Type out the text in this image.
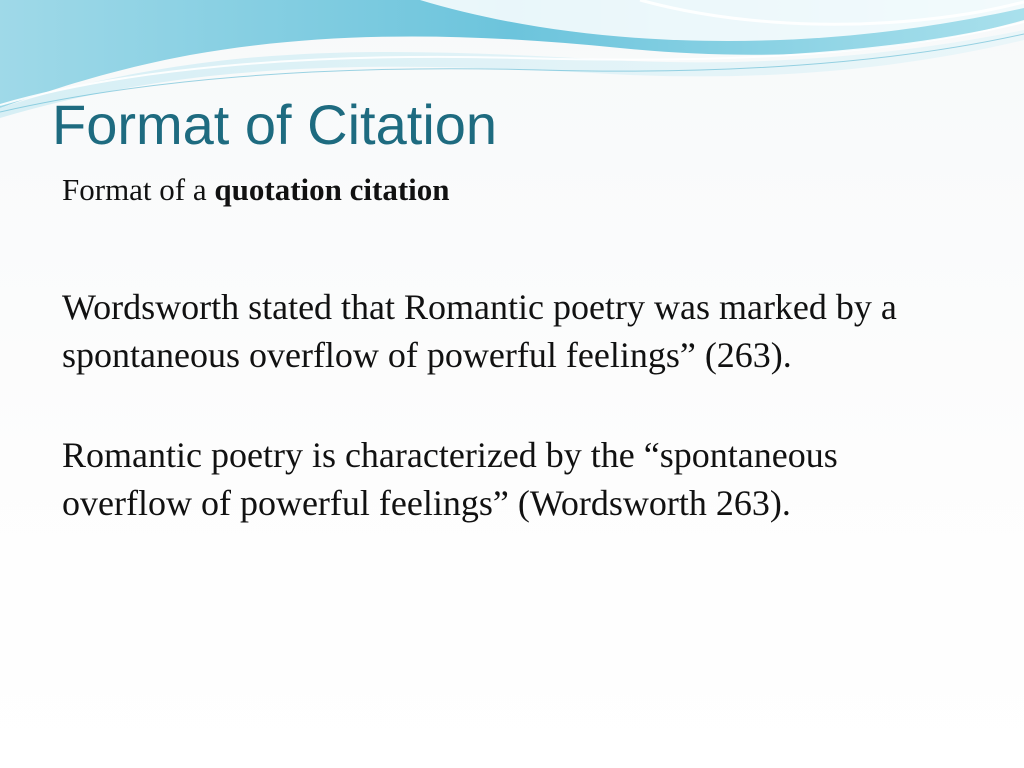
Format of Citation

Format of a quotation citation

Wordsworth stated that Romantic poetry was marked by a spontaneous overflow of powerful feelings” (263).

Romantic poetry is characterized by the “spontaneous overflow of powerful feelings” (Wordsworth 263).
